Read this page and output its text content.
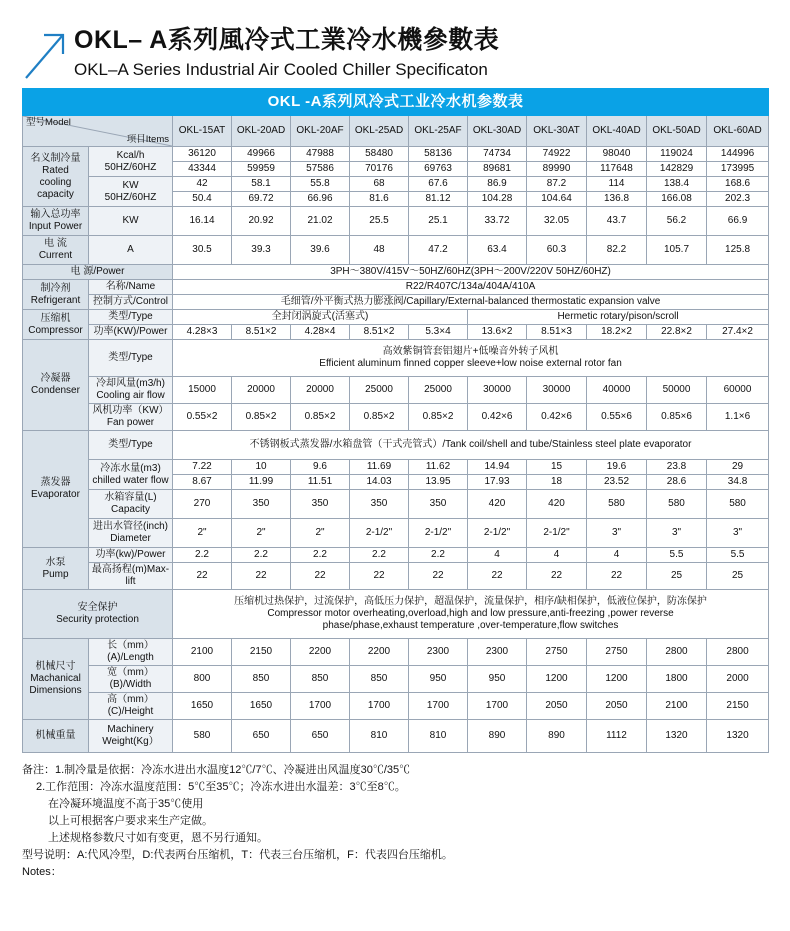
OKL– A系列風冷式工業冷水機參數表
OKL–A Series Industrial Air Cooled Chiller Specificaton
OKL -A系列风冷式工业冷水机参数表											

型号Model
项目Items		OKL-15AT	OKL-20AD	OKL-20AF	OKL-25AD	OKL-25AF	OKL-30AD	OKL-30AT	OKL-40AD	OKL-50AD	OKL-60AD

名义制冷量
Rated cooling capacity

Kcal/h
50HZ/60HZ
	36120	49966	47988	58480	58136	74734	74922	98040	119024	144996
		43344	59959	57586	70176	69763	89681	89990	117648	142829	173995

	KW
50HZ/60HZ	42	58.1	55.8	68	67.6	86.9	87.2	114	138.4	168.6
		50.4	69.72	66.96	81.6	81.12	104.28	104.64	136.8	166.08	202.3

输入总功率
Input Power	KW	16.14	20.92	21.02	25.5	25.1	33.72	32.05	43.7	56.2	66.9

电 流
Current	A	30.5	39.3	39.6	48	47.2	63.4	60.3	82.2	105.7	125.8
电 源/Power		3PH～380V/415V～50HZ/60HZ(3PH～200V/220V 50HZ/60HZ)									

制冷剂
Refrigerant	名称/Name	R22/R407C/134a/404A/410A									
	控制方式/Control	毛细管/外平衡式热力膨涨阀/Capillary/External-balanced thermostatic expansion valve									

压缩机
Compressor	类型/Type	全封闭涡旋式(活塞式)					Hermetic rotary/pison/scroll				
	功率(KW)/Power	4.28×3	8.51×2	4.28×4	8.51×2	5.3×4	13.6×2	8.51×3	18.2×2	22.8×2	27.4×2

冷凝器
Condenser
	类型/Type	
高效紫铜管套铝翅片+低噪音外转子风机
Efficient aluminum finned copper sleeve+low noise external rotor fan

	冷却风量(m3/h)
Cooling air flow	15000	20000	20000	25000	25000	30000	30000	40000	50000	60000

	风机功率（KW）
Fan power	0.55×2	0.85×2	0.85×2	0.85×2	0.85×2	0.42×6	0.42×6	0.55×6	0.85×6	1.1×6

蒸发器
Evaporator	类型/Type	不锈钢板式蒸发器/水箱盘管（干式壳管式）/Tank coil/shell and tube/Stainless steel plate evaporator									

	冷冻水量(m3)
chilled water flow	7.22	10	9.6	11.69	11.62	14.94	15	19.6	23.8	29
		8.67	11.99	11.51	14.03	13.95	17.93	18	23.52	28.6	34.8

	水箱容量(L)
Capacity	270	350	350	350	350	420	420	580	580	580

	进出水管径(inch)
Diameter	2"	2"	2"	2-1/2"	2-1/2"	2-1/2"	2-1/2"	3"	3"	3"

水泵
Pump	功率(kw)/Power	2.2	2.2	2.2	2.2	2.2	4	4	4	5.5	5.5
	最高扬程(m)Max-lift	22	22	22	22	22	22	22	22	25	25

安全保护
Security protection

压缩机过热保护，过流保护，高低压力保护，超温保护，流量保护，相序/缺相保护，低液位保护，防冻保护
Compressor motor overheating,overload,high and low pressure,anti-freezing ,power reverse
phase/phase,exhaust temperature ,over-temperature,flow switches

机械尺寸
Machanical Dimensions	长（mm）(A)/Length	2100	2150	2200	2200	2300	2300	2750	2750	2800	2800
	宽（mm）(B)/Width	800	850	850	850	950	950	1200	1200	1800	2000
	高（mm）(C)/Height	1650	1650	1700	1700	1700	1700	2050	2050	2100	2150
机械重量	Machinery
Weight(Kg）	580	650	650	810	810	890	890	1112	1320	1320
备注：1.制冷量是依据：冷冻水进出水温度12℃/7℃、冷凝进出风温度30℃/35℃
2.工作范围：冷冻水温度范围：5℃至35℃；冷冻水进出水温差：3℃至8℃。
在冷凝环境温度不高于35℃使用
以上可根据客户要求来生产定做。
上述规格参数尺寸如有变更，恩不另行通知。
型号说明：A:代风冷型，D:代表两台压缩机，T：代表三台压缩机，F：代表四台压缩机。
Notes：
